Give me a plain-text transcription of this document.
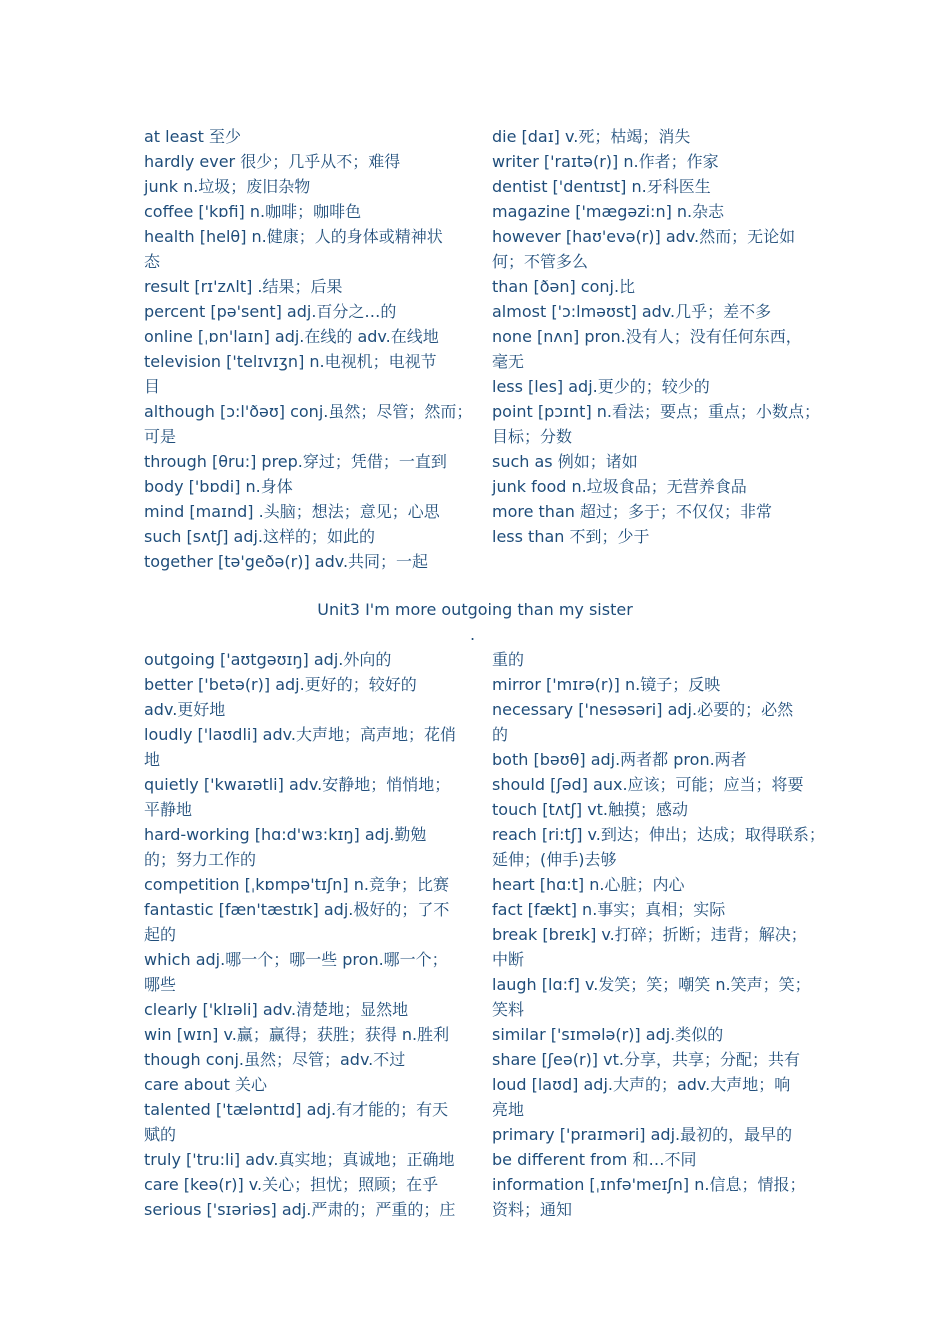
at least 至少
hardly ever 很少；几乎从不；难得
junk n.垃圾；废旧杂物
coffee ['kɒfi] n.咖啡；咖啡色
health [helθ] n.健康；人的身体或精神状
态
result [rɪ'zʌlt] .结果；后果
percent [pə'sent] adj.百分之…的
online [ˌɒn'laɪn] adj.在线的 adv.在线地
television ['telɪvɪʒn] n.电视机；电视节
目
although [ɔ:l'ðəʊ] conj.虽然；尽管；然而；
可是
through [θru:] prep.穿过；凭借；一直到
body ['bɒdi] n.身体
mind [maɪnd] .头脑；想法；意见；心思
such [sʌtʃ] adj.这样的；如此的
together [tə'geðə(r)] adv.共同；一起
die [daɪ] v.死；枯竭；消失
writer ['raɪtə(r)] n.作者；作家
dentist ['dentɪst] n.牙科医生
magazine ['mægəzi:n] n.杂志
however [haʊ'evə(r)] adv.然而；无论如
何；不管多么
than [ðən] conj.比
almost ['ɔ:lməʊst] adv.几乎；差不多
none [nʌn] pron.没有人；没有任何东西，
毫无
less [les] adj.更少的；较少的
point [pɔɪnt] n.看法；要点；重点；小数点；
目标；分数
such as 例如；诸如
junk food n.垃圾食品；无营养食品
more than 超过；多于；不仅仅；非常
less than 不到；少于
Unit3 I'm more outgoing than my sister
.
outgoing ['aʊtgəʊɪŋ] adj.外向的
better ['betə(r)] adj.更好的；较好的
adv.更好地
loudly ['laʊdli] adv.大声地；高声地；花俏
地
quietly ['kwaɪətli] adv.安静地；悄悄地；
平静地
hard-working [hɑ:d'wɜ:kɪŋ] adj.勤勉
的；努力工作的
competition [ˌkɒmpə'tɪʃn] n.竞争；比赛
fantastic [fæn'tæstɪk] adj.极好的；了不
起的
which adj.哪一个；哪一些 pron.哪一个；
哪些
clearly ['klɪəli] adv.清楚地；显然地
win [wɪn] v.赢；赢得；获胜；获得 n.胜利
though conj.虽然；尽管；adv.不过
care about 关心
talented ['tæləntɪd] adj.有才能的；有天
赋的
truly ['tru:li] adv.真实地；真诚地；正确地
care [keə(r)] v.关心；担忧；照顾；在乎
serious ['sɪəriəs] adj.严肃的；严重的；庄
重的
mirror ['mɪrə(r)] n.镜子；反映
necessary ['nesəsəri] adj.必要的；必然
的
both [bəʊθ] adj.两者都 pron.两者
should [ʃəd] aux.应该；可能；应当；将要
touch [tʌtʃ] vt.触摸；感动
reach [ri:tʃ] v.到达；伸出；达成；取得联系；
延伸；(伸手)去够
heart [hɑ:t] n.心脏；内心
fact [fækt] n.事实；真相；实际
break [breɪk] v.打碎；折断；违背；解决；
中断
laugh [lɑ:f] v.发笑；笑；嘲笑 n.笑声；笑；
笑料
similar ['sɪmələ(r)] adj.类似的
share [ʃeə(r)] vt.分享，共享；分配；共有
loud [laʊd] adj.大声的；adv.大声地；响
亮地
primary ['praɪməri] adj.最初的，最早的
be different from 和…不同
information [ˌɪnfə'meɪʃn] n.信息；情报；
资料；通知
